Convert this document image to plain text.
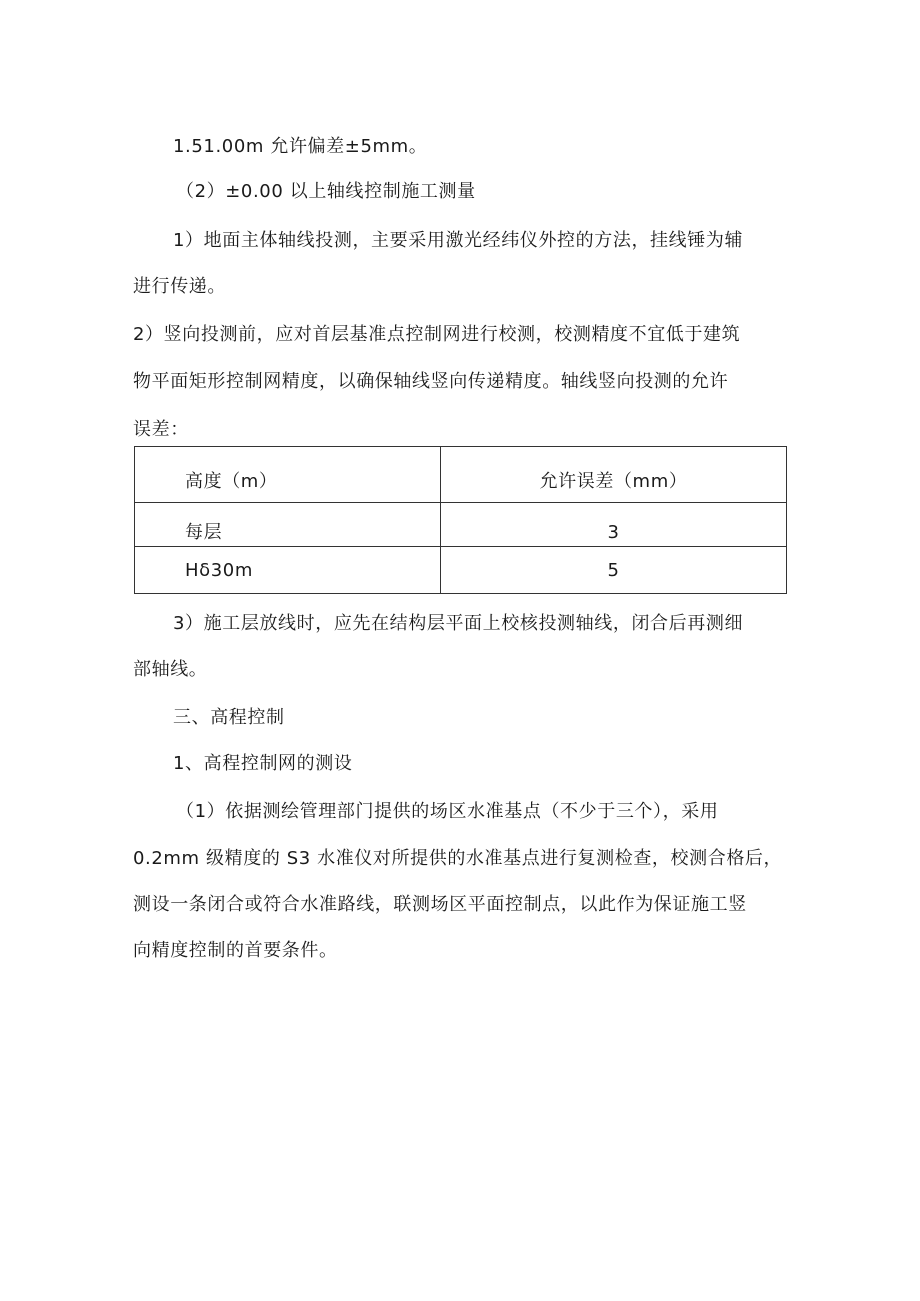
1.51.00m 允许偏差±5mm。
（2）±0.00 以上轴线控制施工测量
1）地面主体轴线投测，主要采用激光经纬仪外控的方法，挂线锤为辅
进行传递。
2）竖向投测前，应对首层基准点控制网进行校测，校测精度不宜低于建筑
物平面矩形控制网精度，以确保轴线竖向传递精度。轴线竖向投测的允许
误差：
高度（m）	允许误差（mm）
每层	3
Hδ30m	5
3）施工层放线时，应先在结构层平面上校核投测轴线，闭合后再测细
部轴线。
三、高程控制
1、高程控制网的测设
（1）依据测绘管理部门提供的场区水准基点（不少于三个），采用
0.2mm 级精度的 S3 水准仪对所提供的水准基点进行复测检查，校测合格后，
测设一条闭合或符合水准路线，联测场区平面控制点，以此作为保证施工竖
向精度控制的首要条件。
